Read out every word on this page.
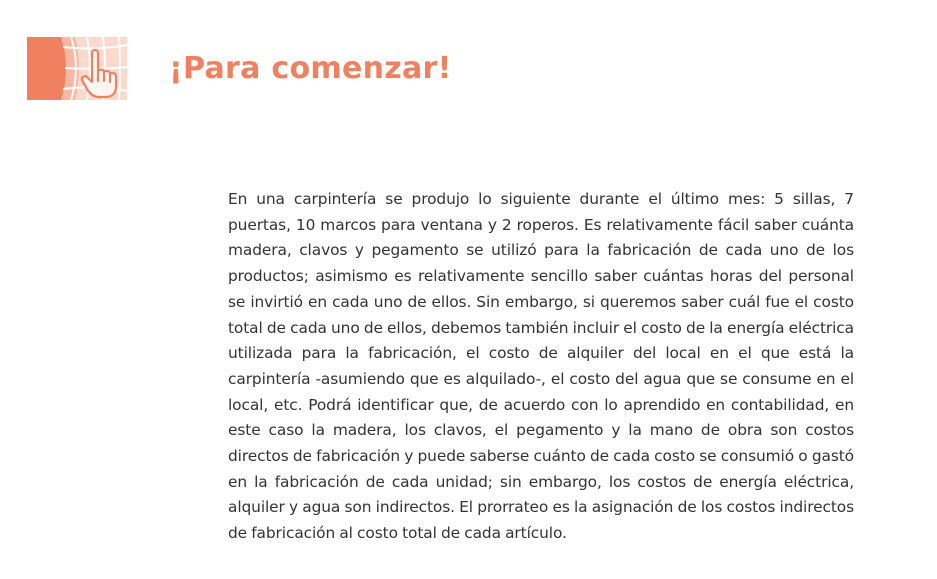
¡Para comenzar!

En una carpintería se produjo lo siguiente durante el último mes: 5 sillas, 7 puertas, 10 marcos para ventana y 2 roperos. Es relativamente fácil saber cuánta madera, clavos y pegamento se utilizó para la fabricación de cada uno de los productos; asimismo es relativamente sencillo saber cuántas horas del personal se invirtió en cada uno de ellos. Sin embargo, si queremos saber cuál fue el costo total de cada uno de ellos, debemos también incluir el costo de la energía eléctrica utilizada para la fabricación, el costo de alquiler del local en el que está la carpintería -asumiendo que es alquilado-, el costo del agua que se consume en el local, etc. Podrá identificar que, de acuerdo con lo aprendido en contabilidad, en este caso la madera, los clavos, el pegamento y la mano de obra son costos directos de fabricación y puede saberse cuánto de cada costo se consumió o gastó en la fabricación de cada unidad; sin embargo, los costos de energía eléctrica, alquiler y agua son indirectos. El prorrateo es la asignación de los costos indirectos de fabricación al costo total de cada artículo.
